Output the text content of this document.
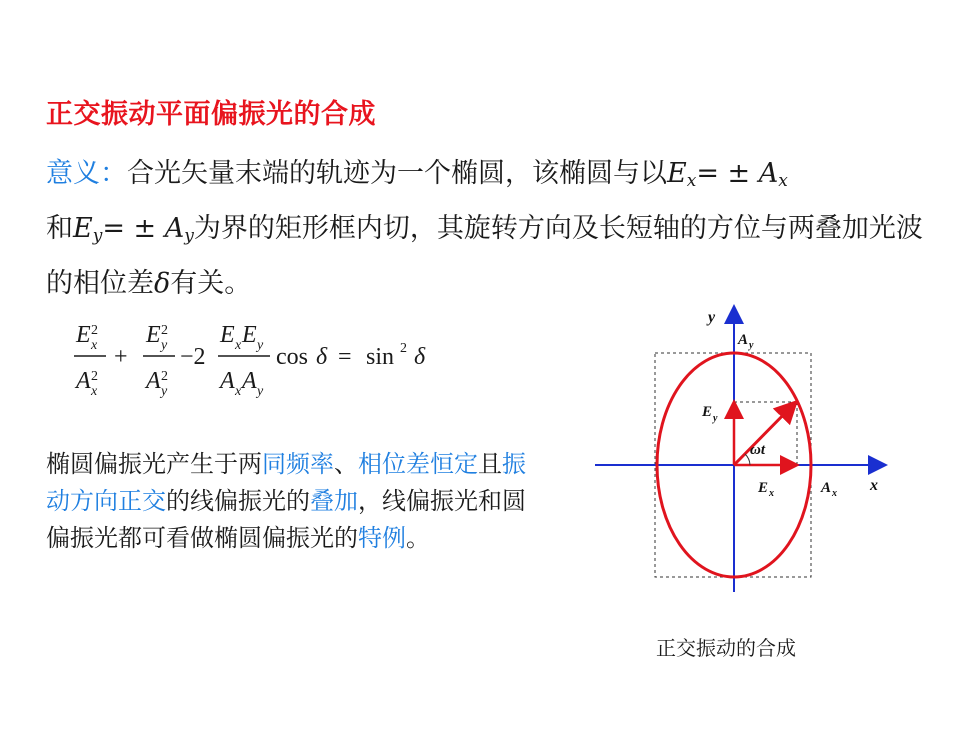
正交振动平面偏振光的合成
意义：合光矢量末端的轨迹为一个椭圆，该椭圆与以$E_x= \pm A_x$
和$E_y= \pm A_y$为界的矩形框内切，其旋转方向及长短轴的方位与两叠加光波的相位差δ有关。
E 2
x
A 2
x
+
E 2
y
A 2
y
−2
E x E y
A x A y
cos δ = sin 2 δ
椭圆偏振光产生于两同频率、相位差恒定且振动方向正交的线偏振光的叠加，线偏振光和圆偏振光都可看做椭圆偏振光的特例。
y
x
A y
A x
E y
E x
ωt
正交振动的合成
